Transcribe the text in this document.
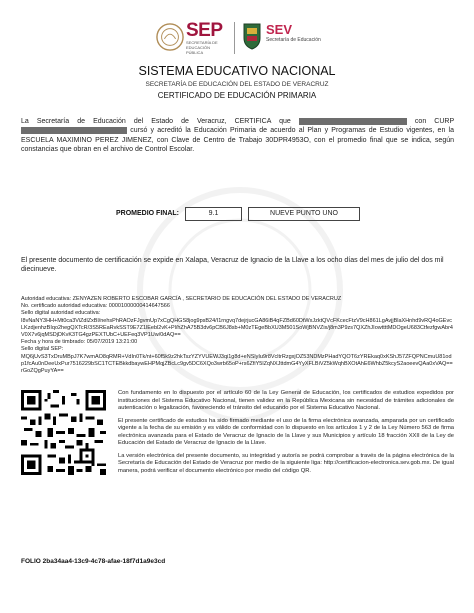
SEP
SECRETARÍA DE EDUCACIÓN PÚBLICA
SEV
Secretaría de Educación
SISTEMA EDUCATIVO NACIONAL
SECRETARÍA DE EDUCACIÓN DEL ESTADO DE VERACRUZ
CERTIFICADO DE EDUCACIÓN PRIMARIA
La Secretaría de Educación del Estado de Veracruz, CERTIFICA que	con CURP  cursó y acreditó la Educación Primaria de acuerdo al Plan y Programas de Estudio vigentes, en la ESCUELA MAXIMINO PEREZ JIMENEZ, con Clave de Centro de Trabajo 30DPR4953O, con el promedio final que se indica, según constancias que obran en el archivo de Control Escolar.
PROMEDIO FINAL:	9.1	NUEVE PUNTO UNO
El presente documento de certificación se expide en Xalapa, Veracruz de Ignacio de la Llave a los ocho días del mes de julio del dos mil diecinueve.
Autoridad educativa: ZENYAZEN ROBERTO ESCOBAR GARCÍA , SECRETARIO DE EDUCACIÓN DEL ESTADO DE VERACRUZ
No. certificado autoridad educativa: 00001000000414647566
Sello digital autoridad educativa:
I8vNaNY3HH+Mt0ca3ViZdlZxBl/nehsPhRAOzFJgvmUp7xCgQHGS8jog9psB24/I1rngvq7dejrjucGA86iB4qFZBd60DtWxJzktQVcFKcecFtzV9cH861LgAvjjBlaXHnhd9vRQ4oGEvcLKzdjenhzBIqo2hegQXTcR/3S5REaRvkSST9E7Z1lEebl2vK+Pl/hZhA75B3dv6pCB6J8sb+M0zTEgeBbXU3M501SoWjBNVZix/j8m3P9zs7QXZhJIowttttMDOgeU683CtfezfgwAbr4V0X7v6jqMSDjDKvK3TG4gzPEXTUbC+UEFeq3VP1Uw/0dAQ==
Fecha y hora de timbrado: 05/07/2019 13:21:00
Sello digital SEP:
MQ6jUvS3TxDruMBpJ7K7wmAO8qRMR+VdIn0Tk/nt+60f5k9z2hkTszYZYVUEWJ3qi1g8d+eNSlyIu9r8VcltrRzgxjOZ53NDMzPHadYQOT6zYREkaq0xKShJ57ZFQPNCmuU81odp1fcAu0nDeeUxPur7516229bSC1TCTEBkkdbaywEHPMqjZBcLc9gv5DC6XQo3wrb65oP+rs6ZfiY5lZqNXJttdmG4YyXFLBiVZ5kWqhBXOtAhE6WhbZ5kcyS2aoeevQAa0xVAQ==
rGoZQgPuyYA==

Con fundamento en lo dispuesto por el artículo 60 de la Ley General de Educación, los certificados de estudios expedidos por instituciones del Sistema Educativo Nacional, tienen validez en la República Mexicana sin necesidad de trámites adicionales de autenticación o legalización, favoreciendo el tránsito del educando por el Sistema Educativo Nacional.

El presente certificado de estudios ha sido firmado mediante el uso de la firma electrónica avanzada, amparada por un certificado vigente a la fecha de su emisión y es válido de conformidad con lo dispuesto en los artículos 1 y 2 de la Ley Número 563 de firma electrónica avanzada para el Estado de Veracruz de Ignacio de la Llave y sus Municipios y artículo 18 fracción XXII de la Ley de Educación del Estado de Veracruz de Ignacio de la Llave.

La versión electrónica del presente documento, su integridad y autoría se podrá comprobar a través de la página electrónica de la Secretaría de Educación del Estado de Veracruz por medio de la siguiente liga: http://certificacion-electronica.sev.gob.mx. De igual manera, podrá verificar el documento electrónico por medio del código QR.

FOLIO 2ba34aa4-13c9-4c78-afae-18f7d1a9e3cd
